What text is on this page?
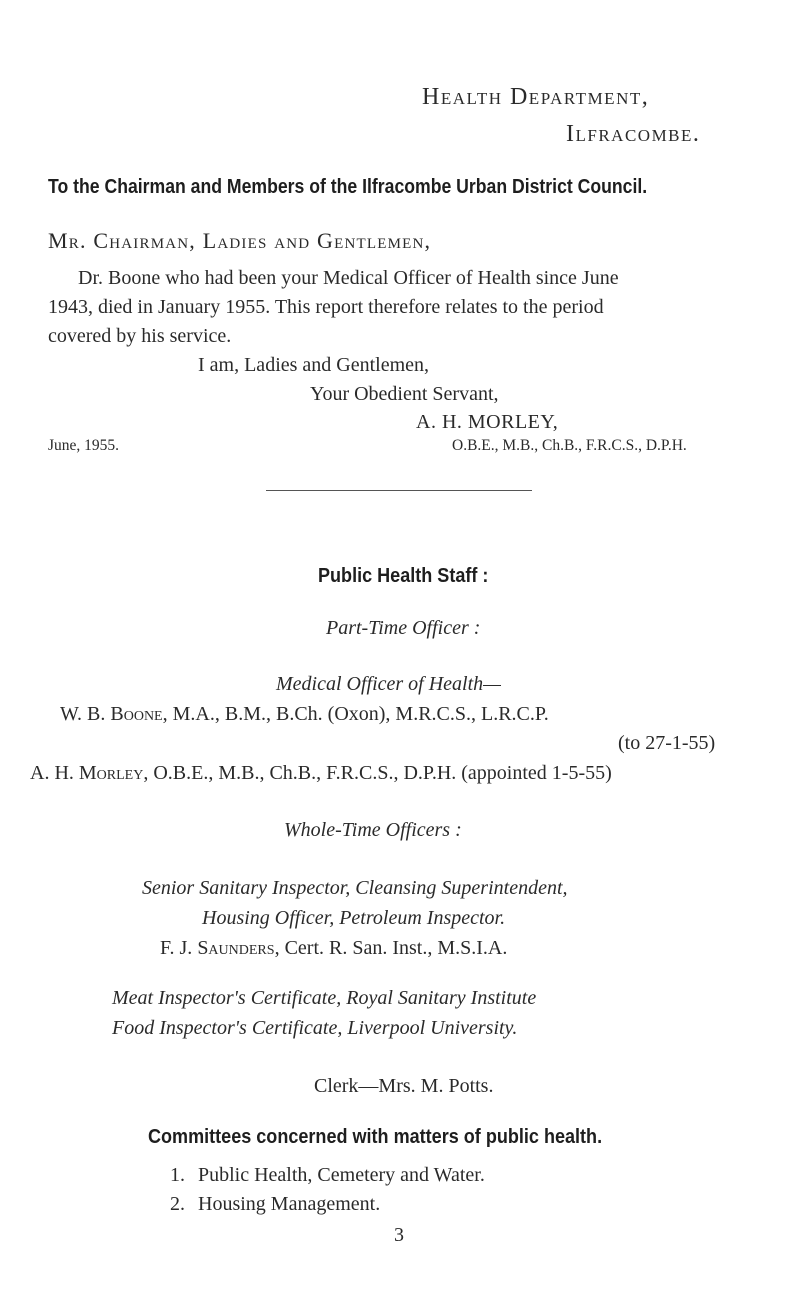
Health Department,
Ilfracombe.
To the Chairman and Members of the Ilfracombe Urban District Council.
Mr. Chairman, Ladies and Gentlemen,
Dr. Boone who had been your Medical Officer of Health since June
1943, died in January 1955. This report therefore relates to the period
covered by his service.
I am, Ladies and Gentlemen,
Your Obedient Servant,
A. H. MORLEY,
June, 1955.	O.B.E., M.B., Ch.B., F.R.C.S., D.P.H.
Public Health Staff :
Part-Time Officer :
Medical Officer of Health—
W. B. Boone, M.A., B.M., B.Ch. (Oxon), M.R.C.S., L.R.C.P.
(to 27-1-55)
A. H. Morley, O.B.E., M.B., Ch.B., F.R.C.S., D.P.H. (appointed 1-5-55)
Whole-Time Officers :
Senior Sanitary Inspector, Cleansing Superintendent,
Housing Officer, Petroleum Inspector.
F. J. Saunders, Cert. R. San. Inst., M.S.I.A.
Meat Inspector's Certificate, Royal Sanitary Institute
Food Inspector's Certificate, Liverpool University.
Clerk—Mrs. M. Potts.
Committees concerned with matters of public health.
1. Public Health, Cemetery and Water.
2. Housing Management.
3
